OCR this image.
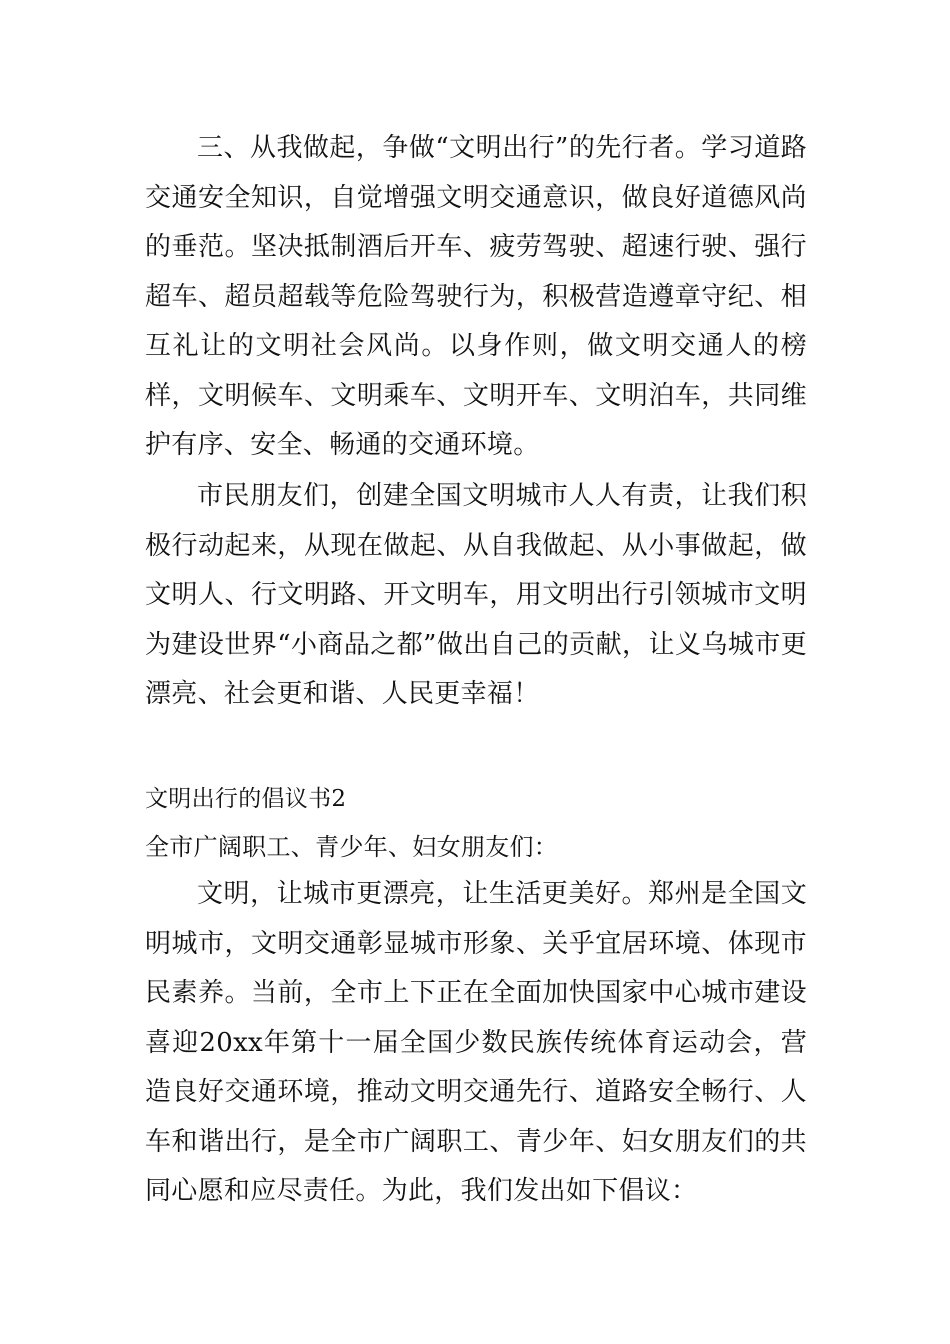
三、从我做起，争做“文明出行”的先行者。学习道路交通安全知识，自觉增强文明交通意识，做良好道德风尚的垂范。坚决抵制酒后开车、疲劳驾驶、超速行驶、强行超车、超员超载等危险驾驶行为，积极营造遵章守纪、相互礼让的文明社会风尚。以身作则，做文明交通人的榜样，文明候车、文明乘车、文明开车、文明泊车，共同维护有序、安全、畅通的交通环境。

市民朋友们，创建全国文明城市人人有责，让我们积极行动起来，从现在做起、从自我做起、从小事做起，做文明人、行文明路、开文明车，用文明出行引领城市文明为建设世界“小商品之都”做出自己的贡献，让义乌城市更漂亮、社会更和谐、人民更幸福！

文明出行的倡议书2

全市广阔职工、青少年、妇女朋友们：

文明，让城市更漂亮，让生活更美好。郑州是全国文明城市，文明交通彰显城市形象、关乎宜居环境、体现市民素养。当前，全市上下正在全面加快国家中心城市建设喜迎20xx年第十一届全国少数民族传统体育运动会，营造良好交通环境，推动文明交通先行、道路安全畅行、人车和谐出行，是全市广阔职工、青少年、妇女朋友们的共同心愿和应尽责任。为此，我们发出如下倡议：
